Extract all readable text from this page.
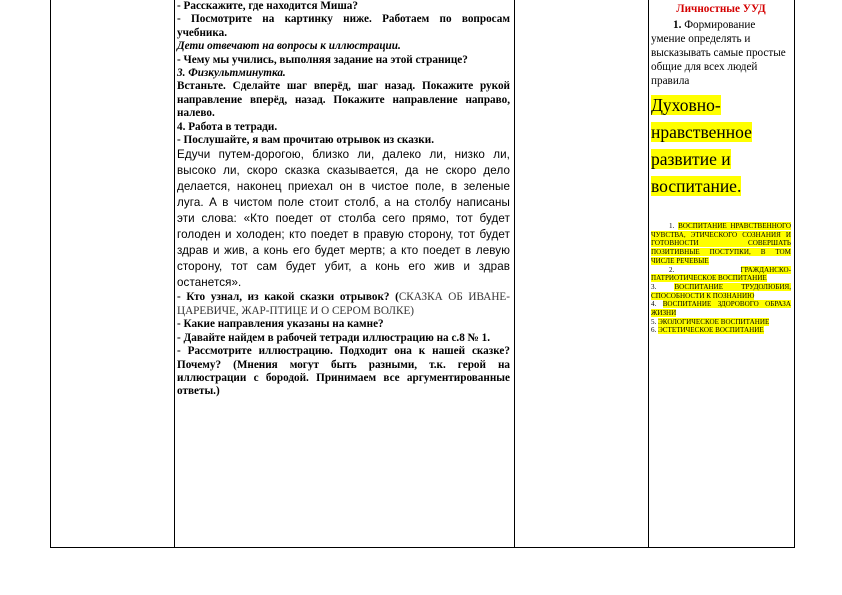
- Расскажите, где находится Миша?

- Посмотрите на картинку ниже. Работаем по вопросам учебника.

Дети отвечают на вопросы к иллюстрации.

- Чему мы учились, выполняя задание на этой странице?

3. Физкультминутка.

Встаньте. Сделайте шаг вперёд, шаг назад. Покажите рукой направление вперёд, назад. Покажите направление направо, налево.

4. Работа в тетради.

- Послушайте, я вам прочитаю отрывок из сказки.

Едучи путем-дорогою, близко ли, далеко ли, низко ли, высоко ли, скоро сказка сказывается, да не скоро дело делается, наконец приехал он в чистое поле, в зеленые луга. А в чистом поле стоит столб, а на столбу написаны эти слова: «Кто поедет от столба сего прямо, тот будет голоден и холоден; кто поедет в правую сторону, тот будет здрав и жив, а конь его будет мертв; а кто поедет в левую сторону, тот сам будет убит, а конь его жив и здрав останется».

- Кто узнал, из какой сказки отрывок? (СКАЗКА ОБ ИВАНЕ-ЦАРЕВИЧЕ, ЖАР-ПТИЦЕ И О СЕРОМ ВОЛКЕ)

- Какие направления указаны на камне?

- Давайте найдем в рабочей тетради иллюстрацию на с.8 № 1.

- Рассмотрите иллюстрацию. Подходит она к нашей сказке? Почему? (Мнения могут быть разными, т.к. герой на иллюстрации с бородой. Принимаем все аргументированные ответы.)

Личностные УУД
1. Формирование умение определять и высказывать самые простые общие для всех людей правила
Духовно-
нравственное
развитие и
воспитание.
1. ВОСПИТАНИЕ НРАВСТВЕННОГО ЧУВСТВА, ЭТИЧЕСКОГО СОЗНАНИЯ И ГОТОВНОСТИ СОВЕРШАТЬ ПОЗИТИВНЫЕ ПОСТУПКИ, В ТОМ ЧИСЛЕ РЕЧЕВЫЕ
2.	ГРАЖДАНСКО-ПАТРИОТИЧЕСКОЕ ВОСПИТАНИЕ
3.	ВОСПИТАНИЕ ТРУДОЛЮБИЯ, СПОСОБНОСТИ К ПОЗНАНИЮ
4. ВОСПИТАНИЕ ЗДОРОВОГО ОБРАЗА ЖИЗНИ
5. ЭКОЛОГИЧЕСКОЕ ВОСПИТАНИЕ
6. ЭСТЕТИЧЕСКОЕ ВОСПИТАНИЕ
